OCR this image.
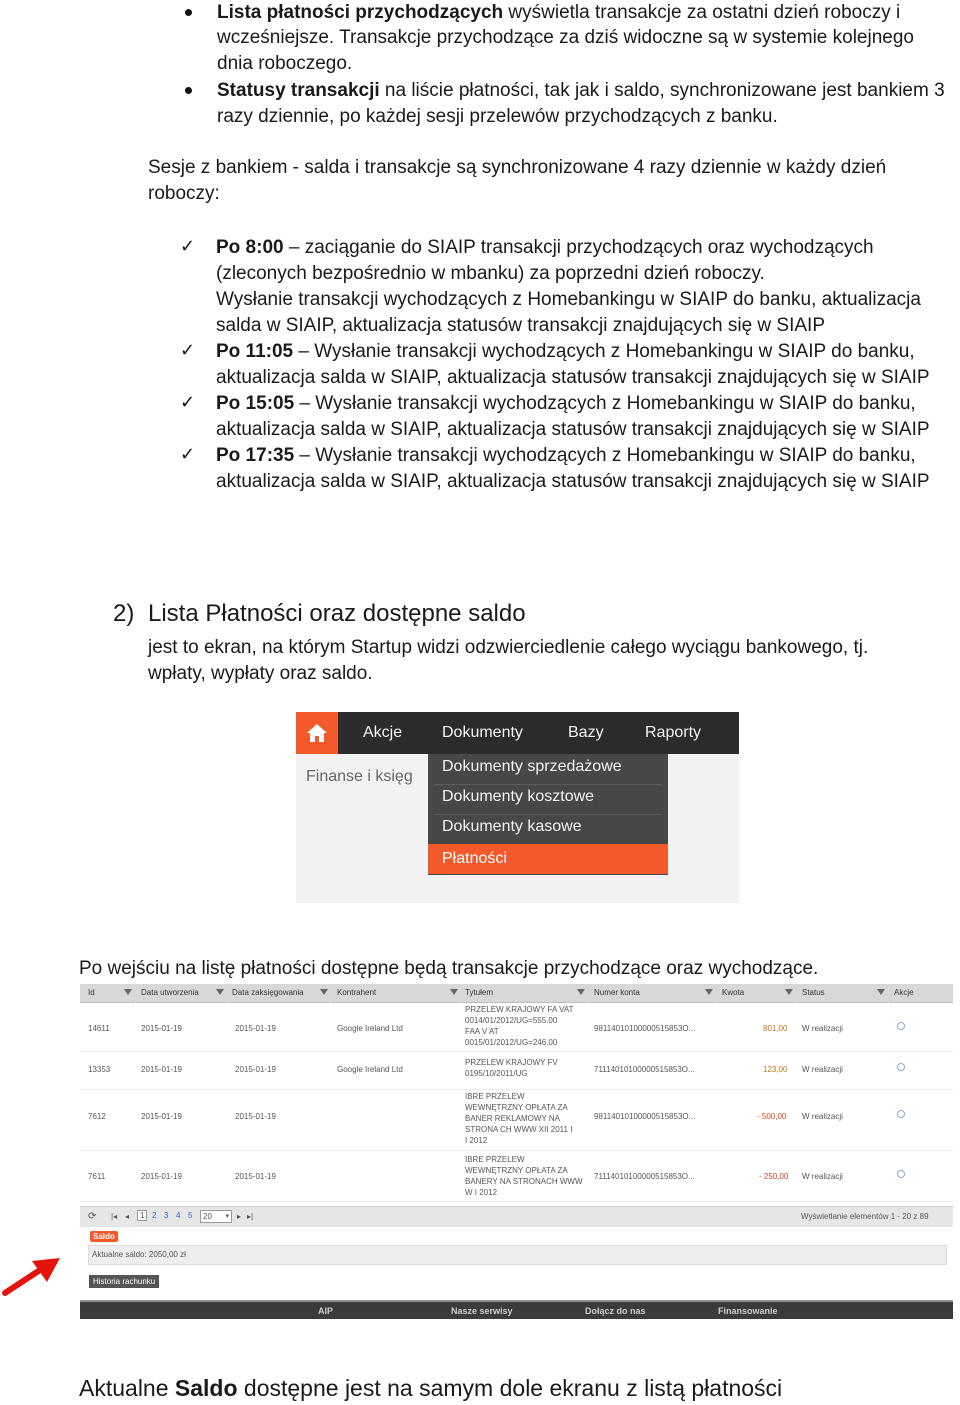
Lista płatności przychodzących wyświetla transakcje za ostatni dzień roboczy i
wcześniejsze. Transakcje przychodzące za dziś widoczne są w systemie kolejnego
dnia roboczego.
Statusy transakcji na liście płatności, tak jak i saldo, synchronizowane jest bankiem 3
razy dziennie, po każdej sesji przelewów przychodzących z banku.
Sesje z bankiem - salda i transakcje są synchronizowane 4 razy dziennie w każdy dzień
roboczy:
✓ Po 8:00 – zaciąganie do SIAIP transakcji przychodzących oraz wychodzących
(zleconych bezpośrednio w mbanku) za poprzedni dzień roboczy.
Wysłanie transakcji wychodzących z Homebankingu w SIAIP do banku, aktualizacja
salda w SIAIP, aktualizacja statusów transakcji znajdujących się w SIAIP
✓ Po 11:05 – Wysłanie transakcji wychodzących z Homebankingu w SIAIP do banku,
aktualizacja salda w SIAIP, aktualizacja statusów transakcji znajdujących się w SIAIP
✓ Po 15:05 – Wysłanie transakcji wychodzących z Homebankingu w SIAIP do banku,
aktualizacja salda w SIAIP, aktualizacja statusów transakcji znajdujących się w SIAIP
✓ Po 17:35 – Wysłanie transakcji wychodzących z Homebankingu w SIAIP do banku,
aktualizacja salda w SIAIP, aktualizacja statusów transakcji znajdujących się w SIAIP
2) Lista Płatności oraz dostępne saldo
jest to ekran, na którym Startup widzi odzwierciedlenie całego wyciągu bankowego, tj.
wpłaty, wypłaty oraz saldo.
Akcje Dokumenty	Bazy	Raporty
Finanse i księg
Dokumenty sprzedażowe
Dokumenty kosztowe
Dokumenty kasowe
Płatności
Po wejściu na listę płatności dostępne będą transakcje przychodzące oraz wychodzące.
Id	Data utworzenia	Data zaksięgowania	Kontrahent	Tytułem	Numer konta	Kwota	Status	Akcje
14611	2015-01-19	2015-01-19	Google Ireland Ltd
PRZELEW KRAJOWY FA VAT
0014/01/2012/UG=555.00
FAA V AT
0015/01/2012/UG=246.00
98114010100000515853O...	801,00 W realizacji
13353	2015-01-19	2015-01-19	Google Ireland Ltd
PRZELEW KRAJOWY FV
0195/10/2011/UG	71114010100000515853O...	123,00 W realizacji
7612	2015-01-19	2015-01-19
IBRE PRZELEW
WEWNĘTRZNY OPŁATA ZA
BANER REKLAMOWY NA
STRONA CH WWW XII 2011 I
I 2012
98114010100000515853O...	- 500,00 W realizacji
7611	2015-01-19	2015-01-19
IBRE PRZELEW
WEWNĘTRZNY OPŁATA ZA
BANERY NA STRONACH WWW
W I 2012
71114010100000515853O...	- 250,00 W realizacji
⟳ |◂ ◂	1 2 3 4 5 20 ▾ ▸ ▸|	Wyświetlanie elementów 1 - 20 z 89
Saldo
Aktualne saldo: 2050,00 zł
Historia rachunku
AIP	Nasze serwisy	Dołącz do nas	Finansowanie
Aktualne Saldo dostępne jest na samym dole ekranu z listą płatności
